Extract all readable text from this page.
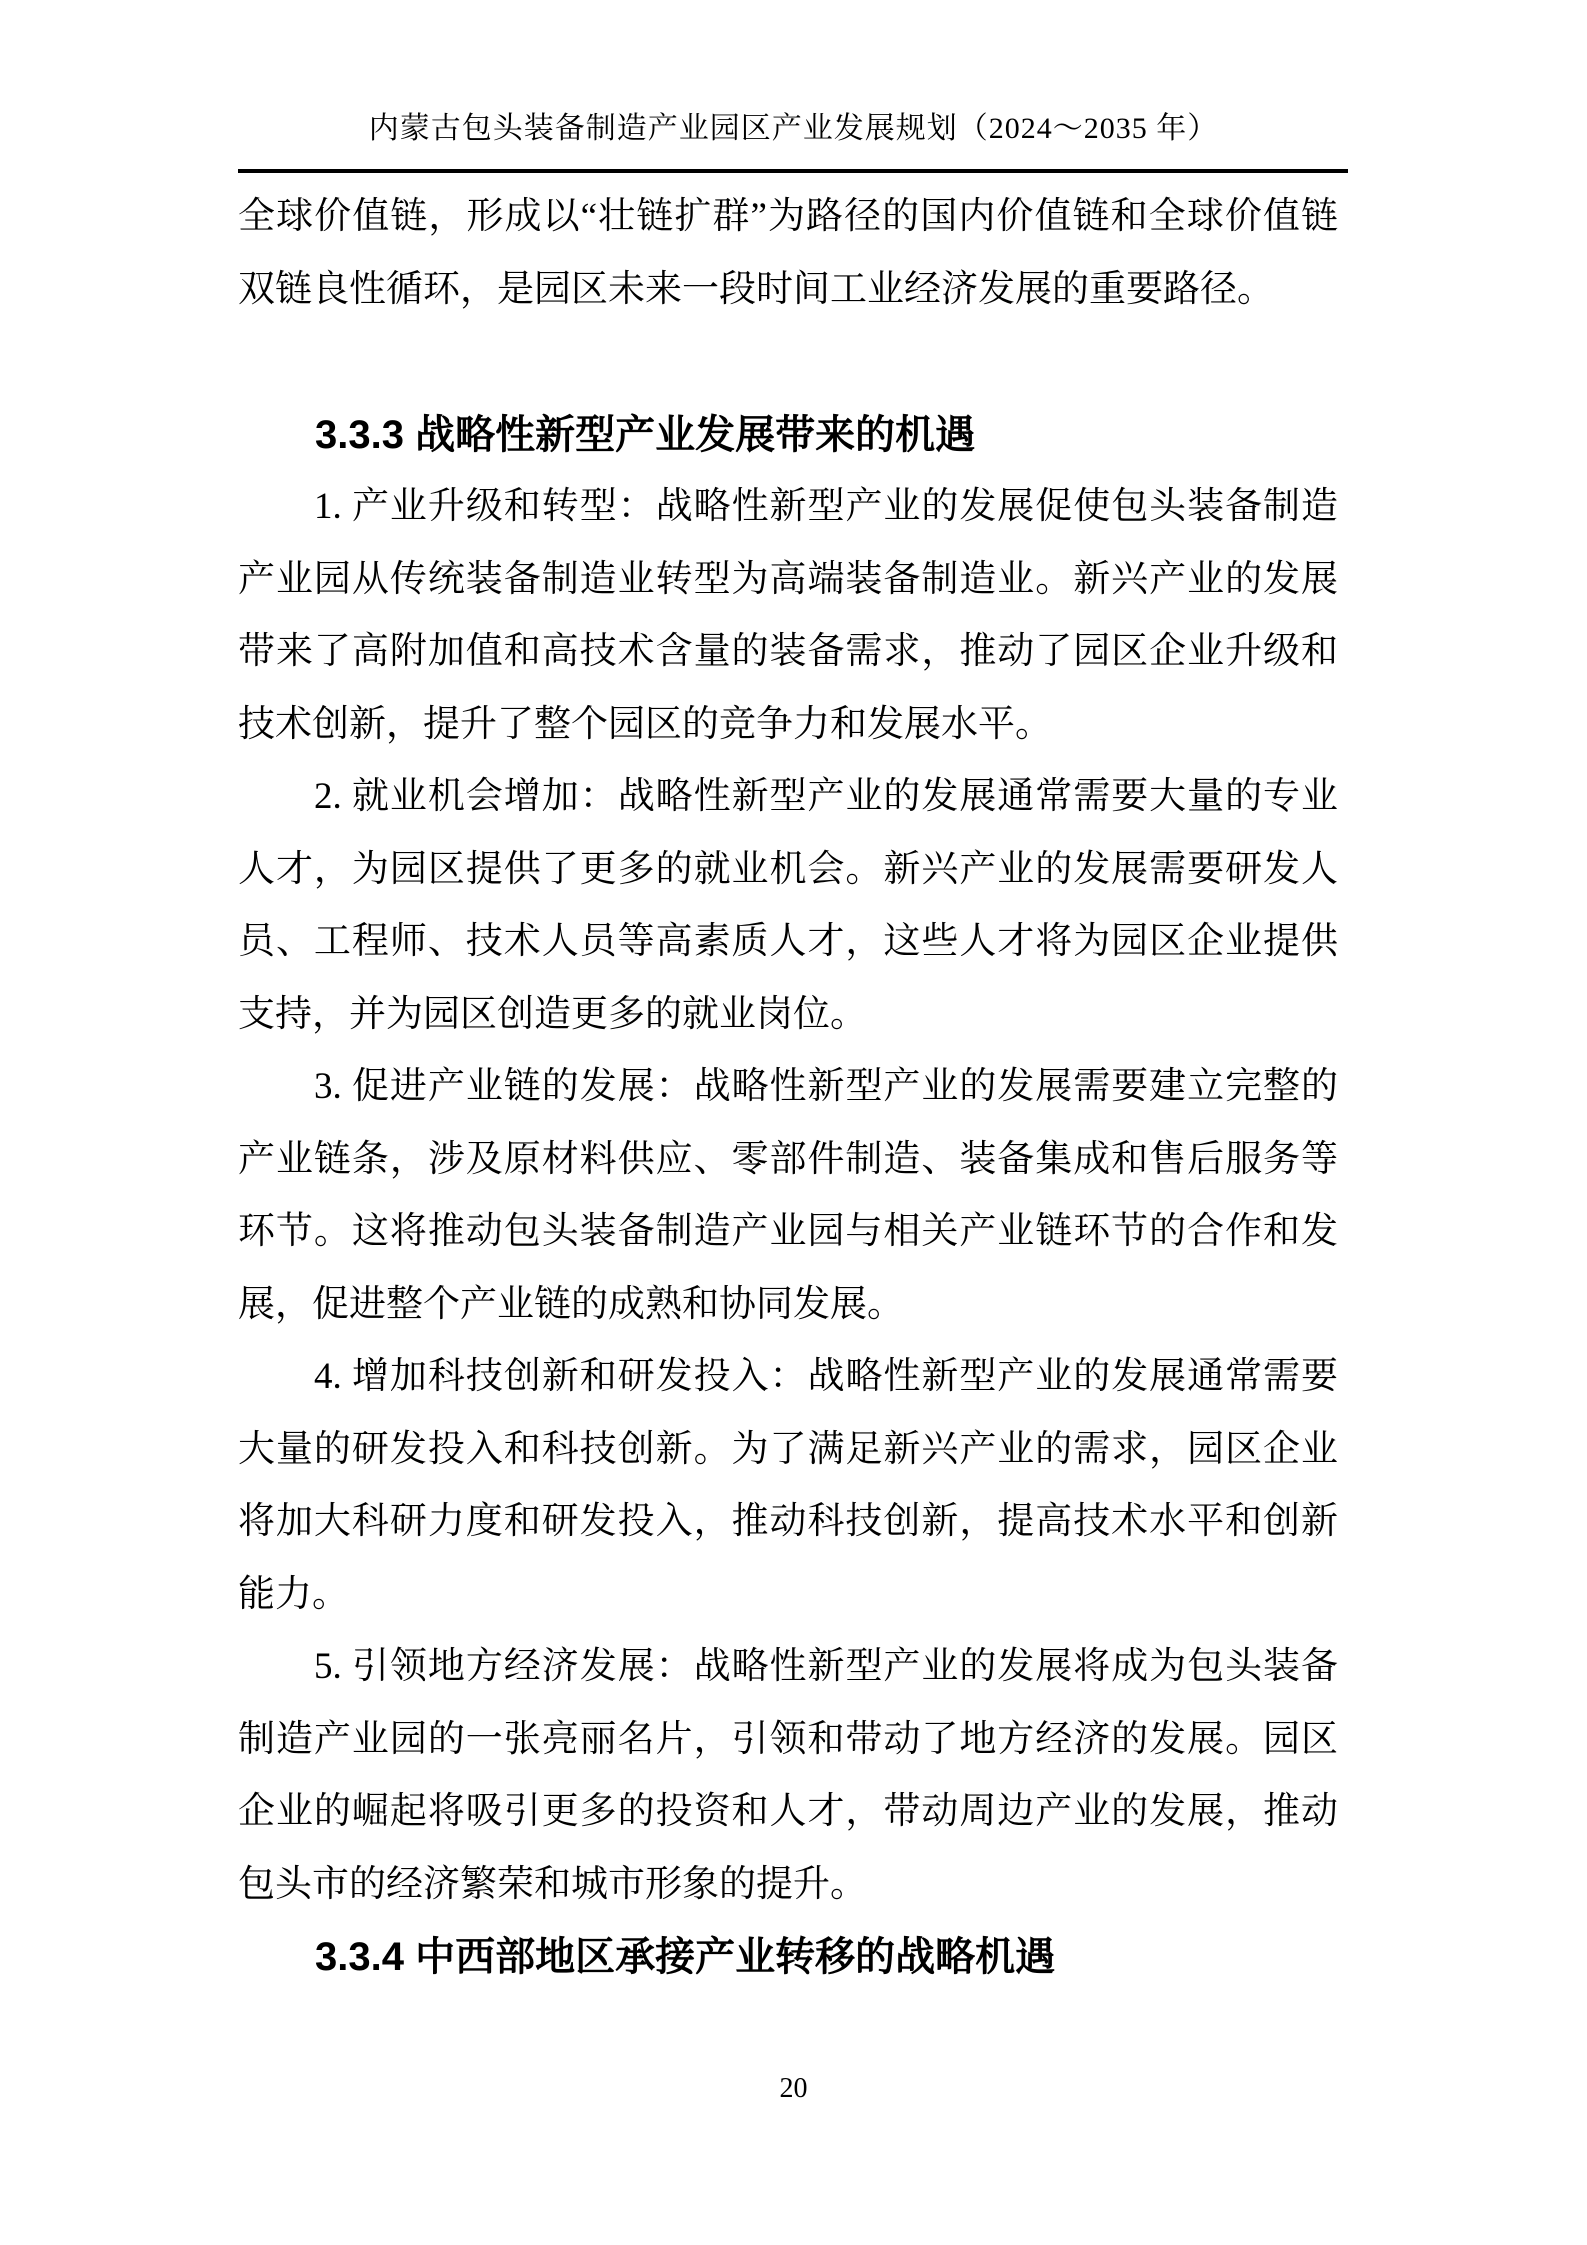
内蒙古包头装备制造产业园区产业发展规划（2024～2035 年）
全球价值链，形成以“壮链扩群”为路径的国内价值链和全球价值链
双链良性循环，是园区未来一段时间工业经济发展的重要路径。
3.3.3 战略性新型产业发展带来的机遇
1. 产业升级和转型：战略性新型产业的发展促使包头装备制造
产业园从传统装备制造业转型为高端装备制造业。新兴产业的发展
带来了高附加值和高技术含量的装备需求，推动了园区企业升级和
技术创新，提升了整个园区的竞争力和发展水平。
2. 就业机会增加：战略性新型产业的发展通常需要大量的专业
人才，为园区提供了更多的就业机会。新兴产业的发展需要研发人
员、工程师、技术人员等高素质人才，这些人才将为园区企业提供
支持，并为园区创造更多的就业岗位。
3. 促进产业链的发展：战略性新型产业的发展需要建立完整的
产业链条，涉及原材料供应、零部件制造、装备集成和售后服务等
环节。这将推动包头装备制造产业园与相关产业链环节的合作和发
展，促进整个产业链的成熟和协同发展。
4. 增加科技创新和研发投入：战略性新型产业的发展通常需要
大量的研发投入和科技创新。为了满足新兴产业的需求，园区企业
将加大科研力度和研发投入，推动科技创新，提高技术水平和创新
能力。
5. 引领地方经济发展：战略性新型产业的发展将成为包头装备
制造产业园的一张亮丽名片，引领和带动了地方经济的发展。园区
企业的崛起将吸引更多的投资和人才，带动周边产业的发展，推动
包头市的经济繁荣和城市形象的提升。
3.3.4 中西部地区承接产业转移的战略机遇
20
